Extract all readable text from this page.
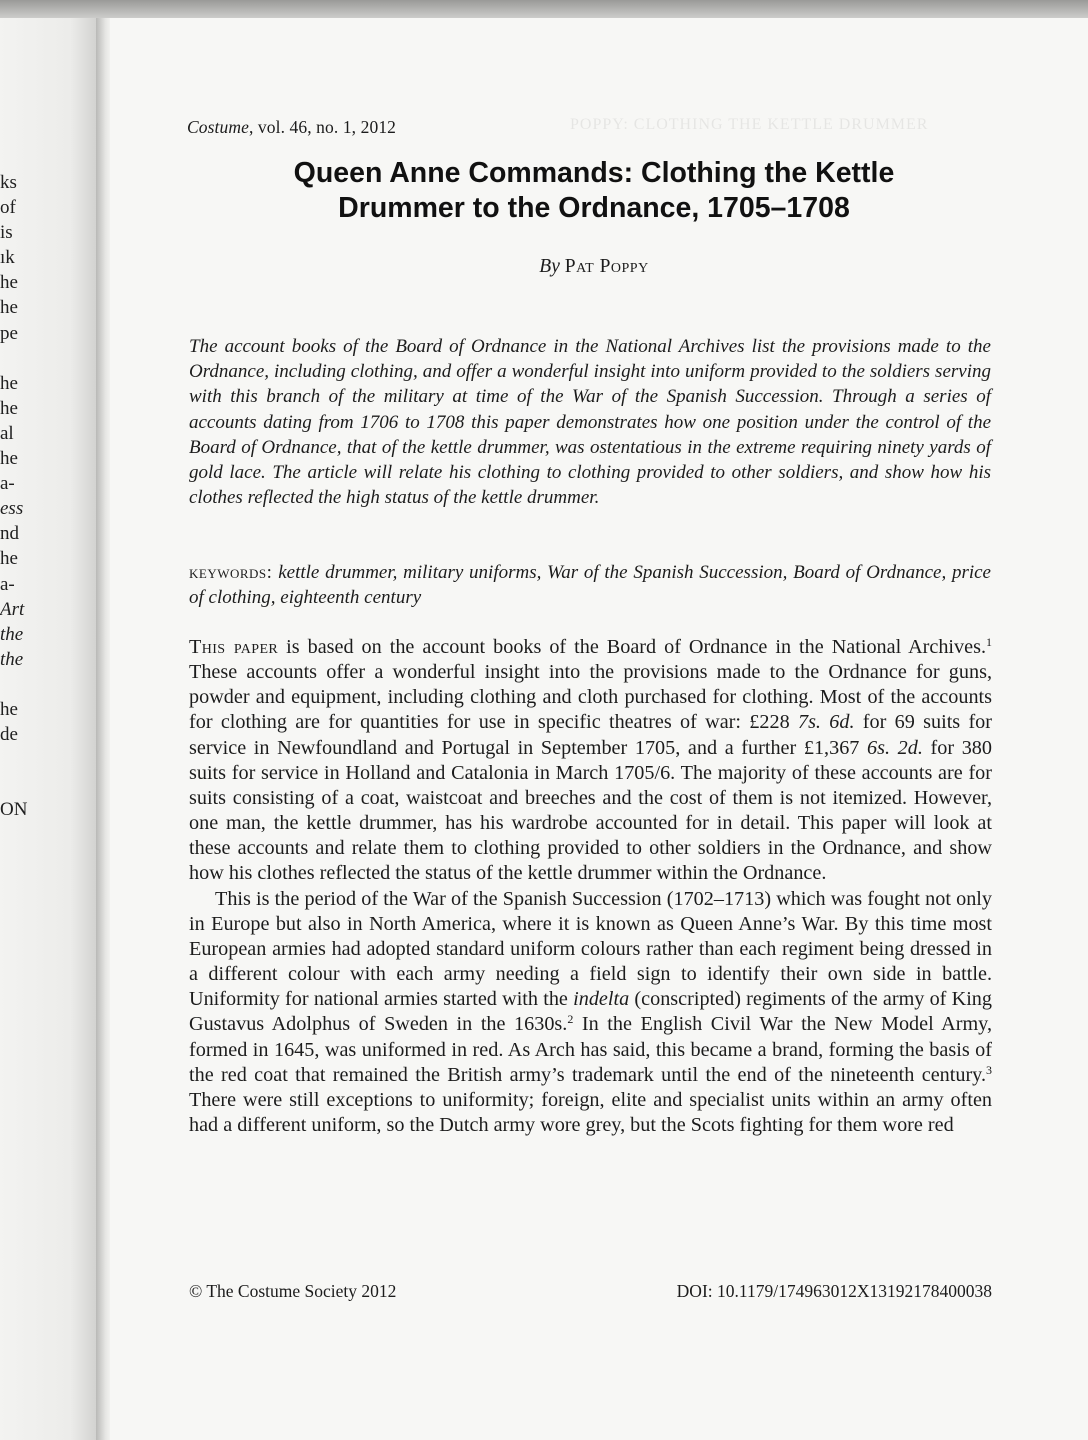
ks
of
is
ık
he
he
pe
he
he
al
he
a-
ess
nd
he
a-
Art
the
the
he
de
ON
POPPY: CLOTHING THE KETTLE DRUMMER
Costume, vol. 46, no. 1, 2012
Queen Anne Commands: Clothing the Kettle
Drummer to the Ordnance, 1705–1708
By Pat Poppy

The account books of the Board of Ordnance in the National Archives list the provisions made to the Ordnance, including clothing, and offer a wonderful insight into uniform provided to the soldiers serving with this branch of the military at time of the War of the Spanish Succession. Through a series of accounts dating from 1706 to 1708 this paper demonstrates how one position under the control of the Board of Ordnance, that of the kettle drummer, was ostentatious in the extreme requiring ninety yards of gold lace. The article will relate his clothing to clothing provided to other soldiers, and show how his clothes reflected the high status of the kettle drummer.

keywords: kettle drummer, military uniforms, War of the Spanish Succession, Board of Ordnance, price of clothing, eighteenth century

This paper is based on the account books of the Board of Ordnance in the National Archives.$^1$ These accounts offer a wonderful insight into the provisions made to the Ordnance for guns, powder and equipment, including clothing and cloth purchased for clothing. Most of the accounts for clothing are for quantities for use in specific theatres of war: £228 7s. 6d. for 69 suits for service in Newfoundland and Portugal in September 1705, and a further £1,367 6s. 2d. for 380 suits for service in Holland and Catalonia in March 1705/6. The majority of these accounts are for suits consisting of a coat, waistcoat and breeches and the cost of them is not itemized. However, one man, the kettle drummer, has his wardrobe accounted for in detail. This paper will look at these accounts and relate them to clothing provided to other soldiers in the Ordnance, and show how his clothes reflected the status of the kettle drummer within the Ordnance.

This is the period of the War of the Spanish Succession (1702–1713) which was fought not only in Europe but also in North America, where it is known as Queen Anne’s War. By this time most European armies had adopted standard uniform colours rather than each regiment being dressed in a different colour with each army needing a field sign to identify their own side in battle. Uniformity for national armies started with the indelta (conscripted) regiments of the army of King Gustavus Adolphus of Sweden in the 1630s.$^2$ In the English Civil War the New Model Army, formed in 1645, was uniformed in red. As Arch has said, this became a brand, forming the basis of the red coat that remained the British army’s trademark until the end of the nineteenth century.$^3$ There were still exceptions to uniformity; foreign, elite and specialist units within an army often had a different uniform, so the Dutch army wore grey, but the Scots fighting for them wore red

© The Costume Society 2012	DOI: 10.1179/174963012X13192178400038
